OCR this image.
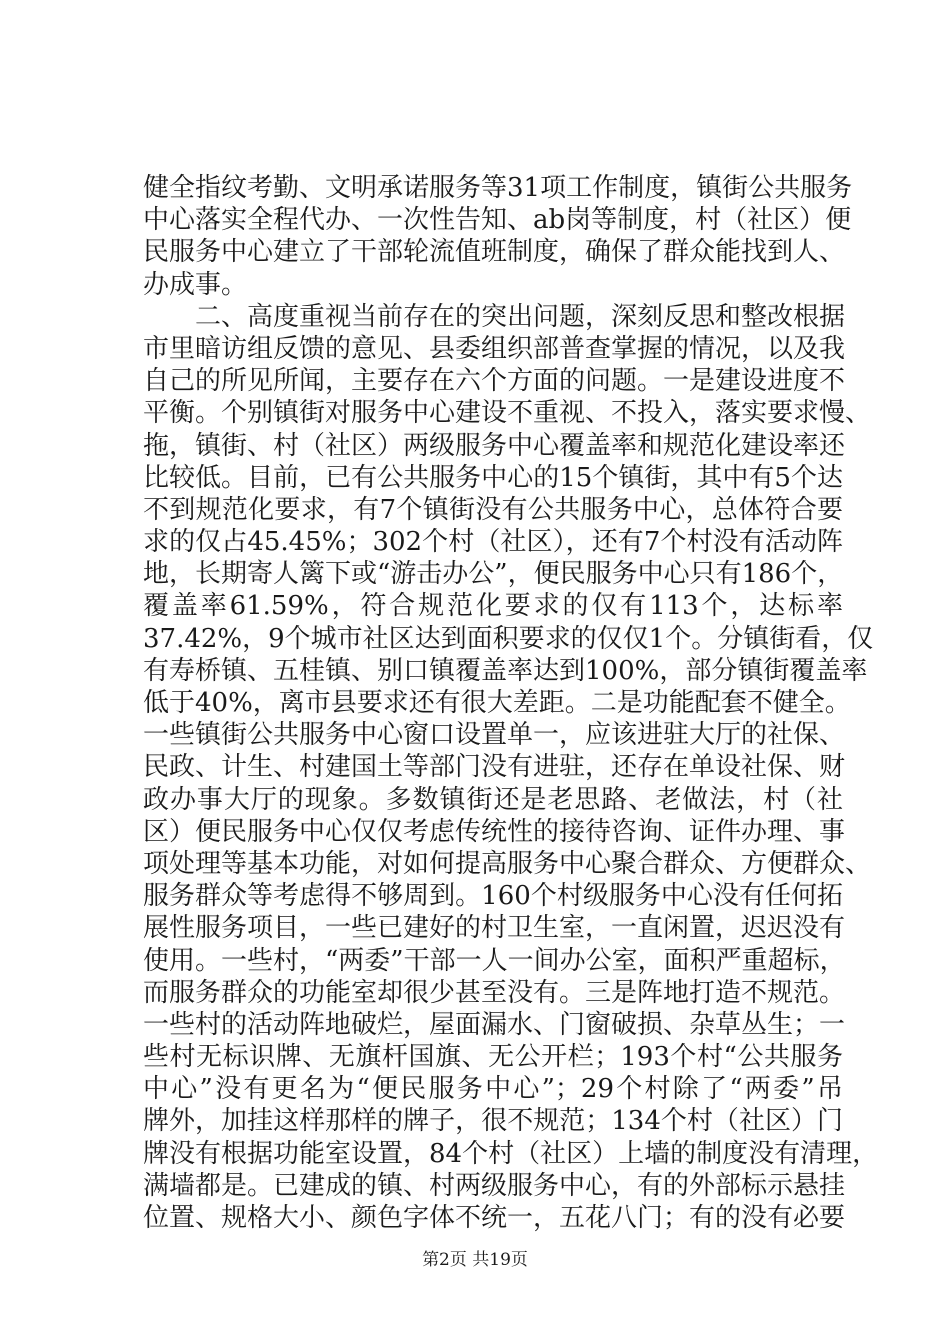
健全指纹考勤、文明承诺服务等31项工作制度，镇街公共服务
中心落实全程代办、一次性告知、ab岗等制度，村（社区）便
民服务中心建立了干部轮流值班制度，确保了群众能找到人、
办成事。
　　二、高度重视当前存在的突出问题，深刻反思和整改根据
市里暗访组反馈的意见、县委组织部普查掌握的情况，以及我
自己的所见所闻，主要存在六个方面的问题。一是建设进度不
平衡。个别镇街对服务中心建设不重视、不投入，落实要求慢、
拖，镇街、村（社区）两级服务中心覆盖率和规范化建设率还
比较低。目前，已有公共服务中心的15个镇街，其中有5个达
不到规范化要求，有7个镇街没有公共服务中心，总体符合要
求的仅占45.45%；302个村（社区），还有7个村没有活动阵
地，长期寄人篱下或“游击办公”，便民服务中心只有186个，
覆盖率61.59%，符合规范化要求的仅有113个，达标率
37.42%，9个城市社区达到面积要求的仅仅1个。分镇街看，仅
有寿桥镇、五桂镇、别口镇覆盖率达到100%，部分镇街覆盖率
低于40%，离市县要求还有很大差距。二是功能配套不健全。
一些镇街公共服务中心窗口设置单一，应该进驻大厅的社保、
民政、计生、村建国土等部门没有进驻，还存在单设社保、财
政办事大厅的现象。多数镇街还是老思路、老做法，村（社
区）便民服务中心仅仅考虑传统性的接待咨询、证件办理、事
项处理等基本功能，对如何提高服务中心聚合群众、方便群众、
服务群众等考虑得不够周到。160个村级服务中心没有任何拓
展性服务项目，一些已建好的村卫生室，一直闲置，迟迟没有
使用。一些村，“两委”干部一人一间办公室，面积严重超标，
而服务群众的功能室却很少甚至没有。三是阵地打造不规范。
一些村的活动阵地破烂，屋面漏水、门窗破损、杂草丛生；一
些村无标识牌、无旗杆国旗、无公开栏；193个村“公共服务
中心”没有更名为“便民服务中心”；29个村除了“两委”吊
牌外，加挂这样那样的牌子，很不规范；134个村（社区）门
牌没有根据功能室设置，84个村（社区）上墙的制度没有清理，
满墙都是。已建成的镇、村两级服务中心，有的外部标示悬挂
位置、规格大小、颜色字体不统一，五花八门；有的没有必要
第2页 共19页
